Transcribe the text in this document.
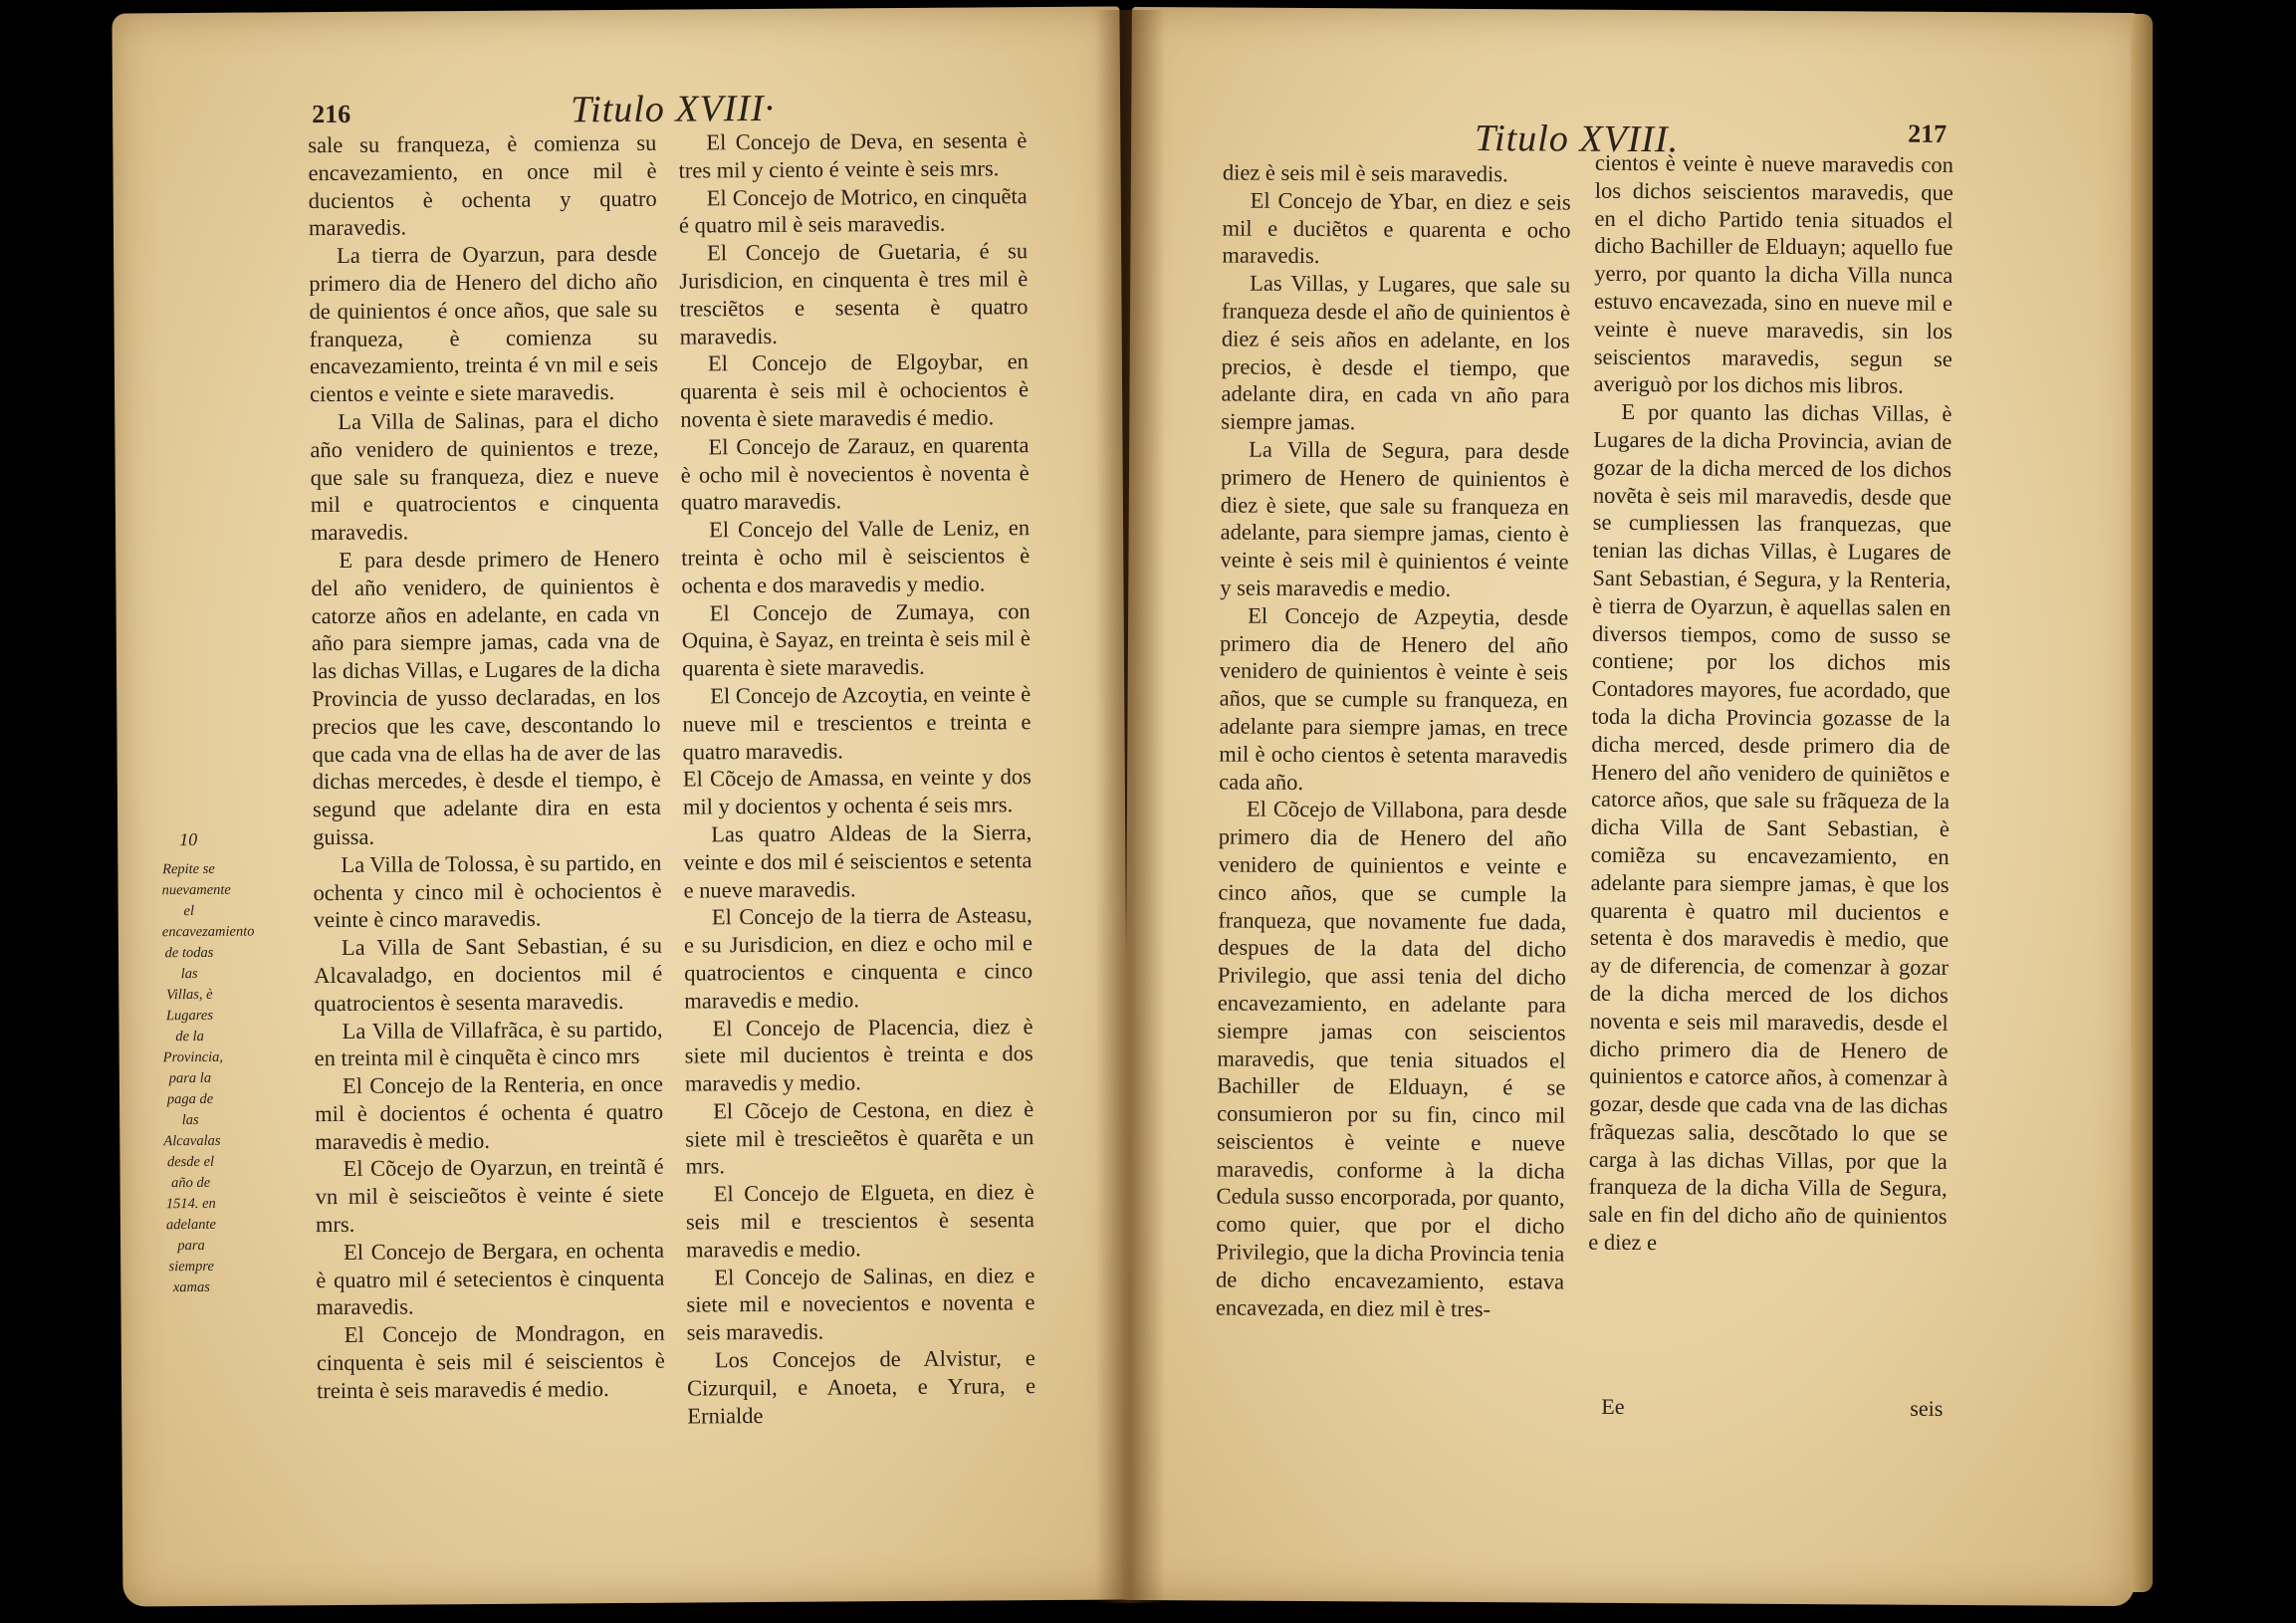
216	Titulo XVIII·
10
Repite se nuevamente el encavezamiento de todas las Villas, è Lugares de la Provincia, para la paga de las Alcavalas desde el año de 1514. en adelante para siempre xamas

sale su franqueza, è comienza su encavezamiento, en once mil è ducientos è ochenta y quatro maravedis.

La tierra de Oyarzun, para desde primero dia de Henero del dicho año de quinientos é once años, que sale su franqueza, è comienza su encavezamiento, treinta é vn mil e seis cientos e veinte e siete maravedis.

La Villa de Salinas, para el dicho año venidero de quinientos e treze, que sale su franqueza, diez e nueve mil e quatrocientos e cinquenta maravedis.

E para desde primero de Henero del año venidero, de quinientos è catorze años en adelante, en cada vn año para siempre jamas, cada vna de las dichas Villas, e Lugares de la dicha Provincia de yusso declaradas, en los precios que les cave, descontando lo que cada vna de ellas ha de aver de las dichas mercedes, è desde el tiempo, è segund que adelante dira en esta guissa.

La Villa de Tolossa, è su partido, en ochenta y cinco mil è ochocientos è veinte è cinco maravedis.

La Villa de Sant Sebastian, é su Alcavaladgo, en docientos mil é quatrocientos è sesenta maravedis.

La Villa de Villafrãca, è su partido, en treinta mil è cinquẽta è cinco mrs

El Concejo de la Renteria, en once mil è docientos é ochenta é quatro maravedis è medio.

El Cõcejo de Oyarzun, en treintã é vn mil è seiscieõtos è veinte é siete mrs.

El Concejo de Bergara, en ochenta è quatro mil é setecientos è cinquenta maravedis.

El Concejo de Mondragon, en cinquenta è seis mil é seiscientos è treinta è seis maravedis é medio.

El Concejo de Deva, en sesenta è tres mil y ciento é veinte è seis mrs.

El Concejo de Motrico, en cinquẽta é quatro mil è seis maravedis.

El Concejo de Guetaria, é su Jurisdicion, en cinquenta è tres mil è tresciẽtos e sesenta è quatro maravedis.

El Concejo de Elgoybar, en quarenta è seis mil è ochocientos è noventa è siete maravedis é medio.

El Concejo de Zarauz, en quarenta è ocho mil è novecientos è noventa è quatro maravedis.

El Concejo del Valle de Leniz, en treinta è ocho mil è seiscientos è ochenta e dos maravedis y medio.

El Concejo de Zumaya, con Oquina, è Sayaz, en treinta è seis mil è quarenta è siete maravedis.

El Concejo de Azcoytia, en veinte è nueve mil e trescientos e treinta e quatro maravedis.

El Cõcejo de Amassa, en veinte y dos mil y docientos y ochenta é seis mrs.

Las quatro Aldeas de la Sierra, veinte e dos mil é seiscientos e setenta e nueve maravedis.

El Concejo de la tierra de Asteasu, e su Jurisdicion, en diez e ocho mil e quatrocientos e cinquenta e cinco maravedis e medio.

El Concejo de Placencia, diez è siete mil ducientos è treinta e dos maravedis y medio.

El Cõcejo de Cestona, en diez è siete mil è trescieẽtos è quarẽta e un mrs.

El Concejo de Elgueta, en diez è seis mil e trescientos è sesenta maravedis e medio.

El Concejo de Salinas, en diez e siete mil e novecientos e noventa e seis maravedis.

Los Concejos de Alvistur, e Cizurquil, e Anoeta, e Yrura, e Ernialde

Titulo XVIII.	217

diez è seis mil è seis maravedis.

El Concejo de Ybar, en diez e seis mil e duciẽtos e quarenta e ocho maravedis.

Las Villas, y Lugares, que sale su franqueza desde el año de quinientos è diez é seis años en adelante, en los precios, è desde el tiempo, que adelante dira, en cada vn año para siempre jamas.

La Villa de Segura, para desde primero de Henero de quinientos è diez è siete, que sale su franqueza en adelante, para siempre jamas, ciento è veinte è seis mil è quinientos é veinte y seis maravedis e medio.

El Concejo de Azpeytia, desde primero dia de Henero del año venidero de quinientos è veinte è seis años, que se cumple su franqueza, en adelante para siempre jamas, en trece mil è ocho cientos è setenta maravedis cada año.

El Cõcejo de Villabona, para desde primero dia de Henero del año venidero de quinientos e veinte e cinco años, que se cumple la franqueza, que novamente fue dada, despues de la data del dicho Privilegio, que assi tenia del dicho encavezamiento, en adelante para siempre jamas con seiscientos maravedis, que tenia situados el Bachiller de Elduayn, é se consumieron por su fin, cinco mil seiscientos è veinte e nueve maravedis, conforme à la dicha Cedula susso encorporada, por quanto, como quier, que por el dicho Privilegio, que la dicha Provincia tenia de dicho encavezamiento, estava encavezada, en diez mil è tres-

cientos è veinte è nueve maravedis con los dichos seiscientos maravedis, que en el dicho Partido tenia situados el dicho Bachiller de Elduayn; aquello fue yerro, por quanto la dicha Villa nunca estuvo encavezada, sino en nueve mil e veinte è nueve maravedis, sin los seiscientos maravedis, segun se averiguò por los dichos mis libros.

E por quanto las dichas Villas, è Lugares de la dicha Provincia, avian de gozar de la dicha merced de los dichos novẽta è seis mil maravedis, desde que se cumpliessen las franquezas, que tenian las dichas Villas, è Lugares de Sant Sebastian, é Segura, y la Renteria, è tierra de Oyarzun, è aquellas salen en diversos tiempos, como de susso se contiene; por los dichos mis Contadores mayores, fue acordado, que toda la dicha Provincia gozasse de la dicha merced, desde primero dia de Henero del año venidero de quiniẽtos e catorce años, que sale su frãqueza de la dicha Villa de Sant Sebastian, è comiẽza su encavezamiento, en adelante para siempre jamas, è que los quarenta è quatro mil ducientos e setenta è dos maravedis è medio, que ay de diferencia, de comenzar à gozar de la dicha merced de los dichos noventa e seis mil maravedis, desde el dicho primero dia de Henero de quinientos e catorce años, à comenzar à gozar, desde que cada vna de las dichas frãquezas salia, descõtado lo que se carga à las dichas Villas, por que la franqueza de la dicha Villa de Segura, sale en fin del dicho año de quinientos e diez e

Ee	seis
